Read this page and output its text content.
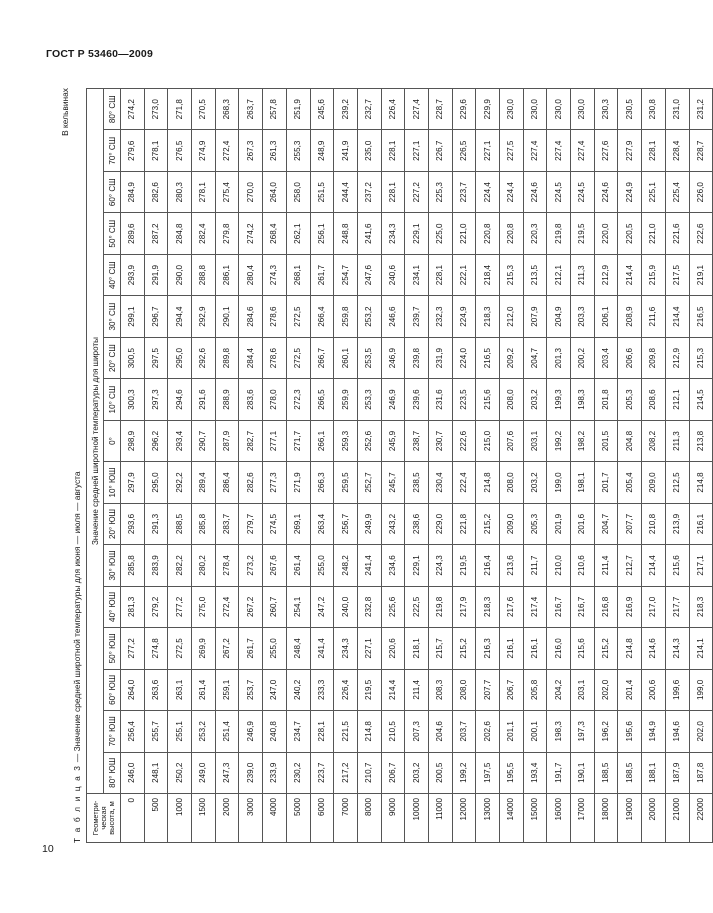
ГОСТ Р 53460—2009
Т а б л и ц а 3 — Значение средней широтной температуры для июня — июля — августа
В кельвинах
Геометри-ческая высота, м	Значение средней широтной температуры для широты																
	80° ЮШ	70° ЮШ	60° ЮШ	50° ЮШ	40° ЮШ	30° ЮШ	20° ЮШ	10° ЮШ	0°	10° СШ	20° СШ	30° СШ	40° СШ	50° СШ	60° СШ	70° СШ	80° СШ
0	246,0	256,4	264,0	277,2	281,3	285,8	293,6	297,9	298,9	300,3	300,5	299,1	293,9	289,6	284,9	279,6	274,2
500	248,1	255,7	263,6	274,8	279,2	283,9	291,3	295,0	296,2	297,3	297,5	296,7	291,9	287,2	282,6	278,1	273,0
1000	250,2	255,1	263,1	272,5	277,2	282,2	288,5	292,2	293,4	294,6	295,0	294,4	290,0	284,8	280,3	276,5	271,8
1500	249,0	253,2	261,4	269,9	275,0	280,2	285,8	289,4	290,7	291,6	292,6	292,9	288,8	282,4	278,1	274,9	270,5
2000	247,3	251,4	259,1	267,2	272,4	278,4	283,7	286,4	287,9	288,9	289,8	290,1	286,1	279,8	275,4	272,4	268,3
3000	239,0	246,9	253,7	261,7	267,2	273,2	279,7	282,6	282,7	283,6	284,4	284,6	280,4	274,2	270,0	267,3	263,7
4000	233,9	240,8	247,0	255,0	260,7	267,6	274,5	277,3	277,1	278,0	278,6	278,6	274,3	268,4	264,0	261,3	257,8
5000	230,2	234,7	240,2	248,4	254,1	261,4	269,1	271,9	271,7	272,3	272,5	272,5	268,1	262,1	258,0	255,3	251,9
6000	223,7	228,1	233,3	241,4	247,2	255,0	263,4	266,3	266,1	266,5	266,7	266,4	261,7	256,1	251,5	248,9	245,6
7000	217,2	221,5	226,4	234,3	240,0	248,2	256,7	259,5	259,3	259,9	260,1	259,8	254,7	248,8	244,4	241,9	239,2
8000	210,7	214,8	219,5	227,1	232,8	241,4	249,9	252,7	252,6	253,3	253,5	253,2	247,6	241,6	237,2	235,0	232,7
9000	206,7	210,5	214,4	220,6	225,6	234,6	243,2	245,7	245,9	246,9	246,9	246,6	240,6	234,3	228,1	228,1	226,4
10000	203,2	207,3	211,4	218,1	222,5	229,1	238,6	238,5	238,7	239,6	239,8	239,7	234,1	229,1	227,2	227,1	227,4
11000	200,5	204,6	208,3	215,7	219,8	224,3	229,0	230,4	230,7	231,6	231,9	232,3	228,1	225,0	225,3	226,7	228,7
12000	199,2	203,7	208,0	215,2	217,9	219,5	221,8	222,4	222,6	223,5	224,0	224,9	222,1	221,0	223,7	226,5	229,6
13000	197,5	202,6	207,7	216,3	218,3	216,4	215,2	214,8	215,0	215,6	216,5	218,3	218,4	220,8	224,4	227,1	229,9
14000	195,5	201,1	206,7	216,1	217,6	213,6	209,0	208,0	207,6	208,0	209,2	212,0	215,3	220,8	224,4	227,5	230,0
15000	193,4	200,1	205,8	216,1	217,4	211,7	205,3	203,2	203,1	203,2	204,7	207,9	213,5	220,3	224,6	227,4	230,0
16000	191,7	198,3	204,2	216,0	216,7	210,0	201,9	199,0	199,2	199,3	201,3	204,9	212,1	219,8	224,5	227,4	230,0
17000	190,1	197,3	203,1	215,6	216,7	210,6	201,6	198,1	198,2	198,3	200,2	203,3	211,3	219,5	224,5	227,4	230,0
18000	188,5	196,2	202,0	215,2	216,8	211,4	204,7	201,7	201,5	201,8	203,4	206,1	212,9	220,0	224,6	227,6	230,3
19000	188,5	195,6	201,4	214,8	216,9	212,7	207,7	205,4	204,8	205,3	206,6	208,9	214,4	220,5	224,9	227,9	230,5
20000	188,1	194,9	200,6	214,6	217,0	214,4	210,8	209,0	208,2	208,6	209,8	211,6	215,9	221,0	225,1	228,1	230,8
21000	187,9	194,6	199,6	214,3	217,7	215,6	213,9	212,5	211,3	212,1	212,9	214,4	217,5	221,6	225,4	228,4	231,0
22000	187,8	202,0	199,0	214,1	218,3	217,1	216,1	214,8	213,8	214,5	215,3	216,5	219,1	222,6	226,0	228,7	231,2
10
